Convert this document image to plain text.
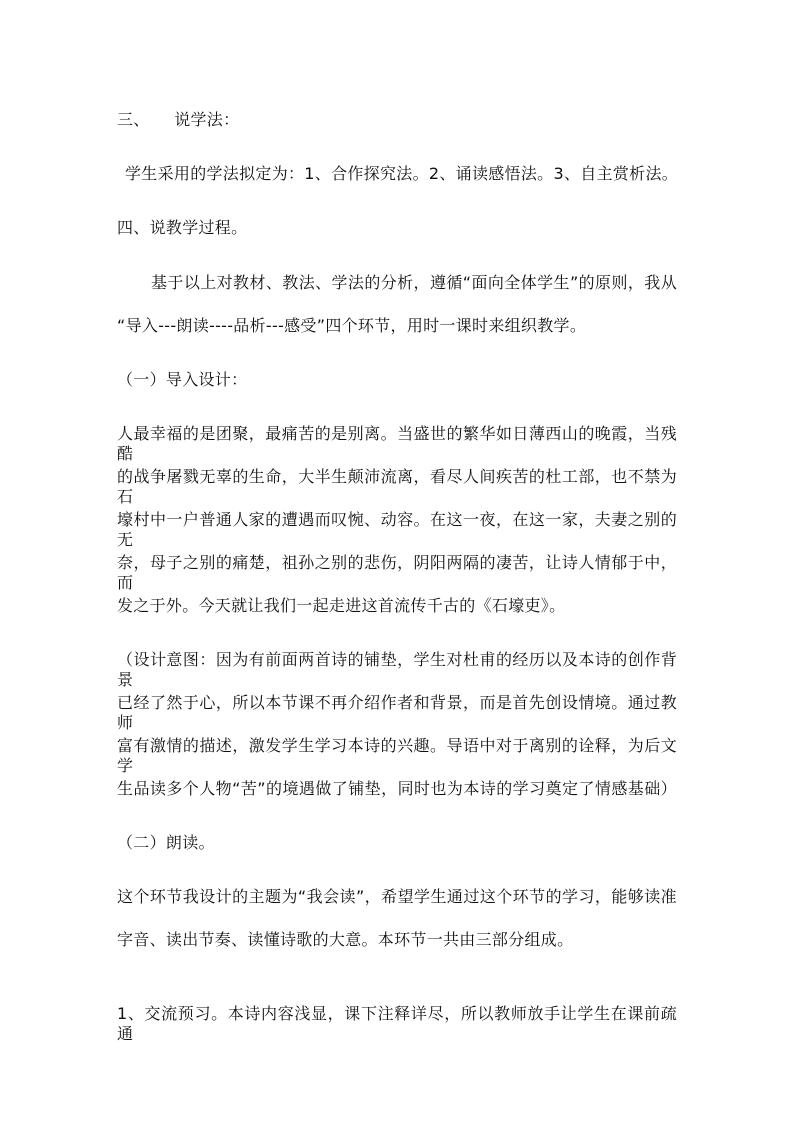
三、　　说学法：
学生采用的学法拟定为：1、合作探究法。2、诵读感悟法。3、自主赏析法。
四、说教学过程。
基于以上对教材、教法、学法的分析，遵循“面向全体学生”的原则，我从
“导入---朗读----品析---感受”四个环节，用时一课时来组织教学。
（一）导入设计：
人最幸福的是团聚，最痛苦的是别离。当盛世的繁华如日薄西山的晚霞，当残酷
的战争屠戮无辜的生命，大半生颠沛流离，看尽人间疾苦的杜工部，也不禁为石
壕村中一户普通人家的遭遇而叹惋、动容。在这一夜，在这一家，夫妻之别的无
奈，母子之别的痛楚，祖孙之别的悲伤，阴阳两隔的凄苦，让诗人情郁于中，而
发之于外。今天就让我们一起走进这首流传千古的《石壕吏》。
（设计意图：因为有前面两首诗的铺垫，学生对杜甫的经历以及本诗的创作背景
已经了然于心，所以本节课不再介绍作者和背景，而是首先创设情境。通过教师
富有激情的描述，激发学生学习本诗的兴趣。导语中对于离别的诠释，为后文学
生品读多个人物“苦”的境遇做了铺垫，同时也为本诗的学习奠定了情感基础）
（二）朗读。
这个环节我设计的主题为“我会读”，希望学生通过这个环节的学习，能够读准
字音、读出节奏、读懂诗歌的大意。本环节一共由三部分组成。
1、交流预习。本诗内容浅显，课下注释详尽，所以教师放手让学生在课前疏通
